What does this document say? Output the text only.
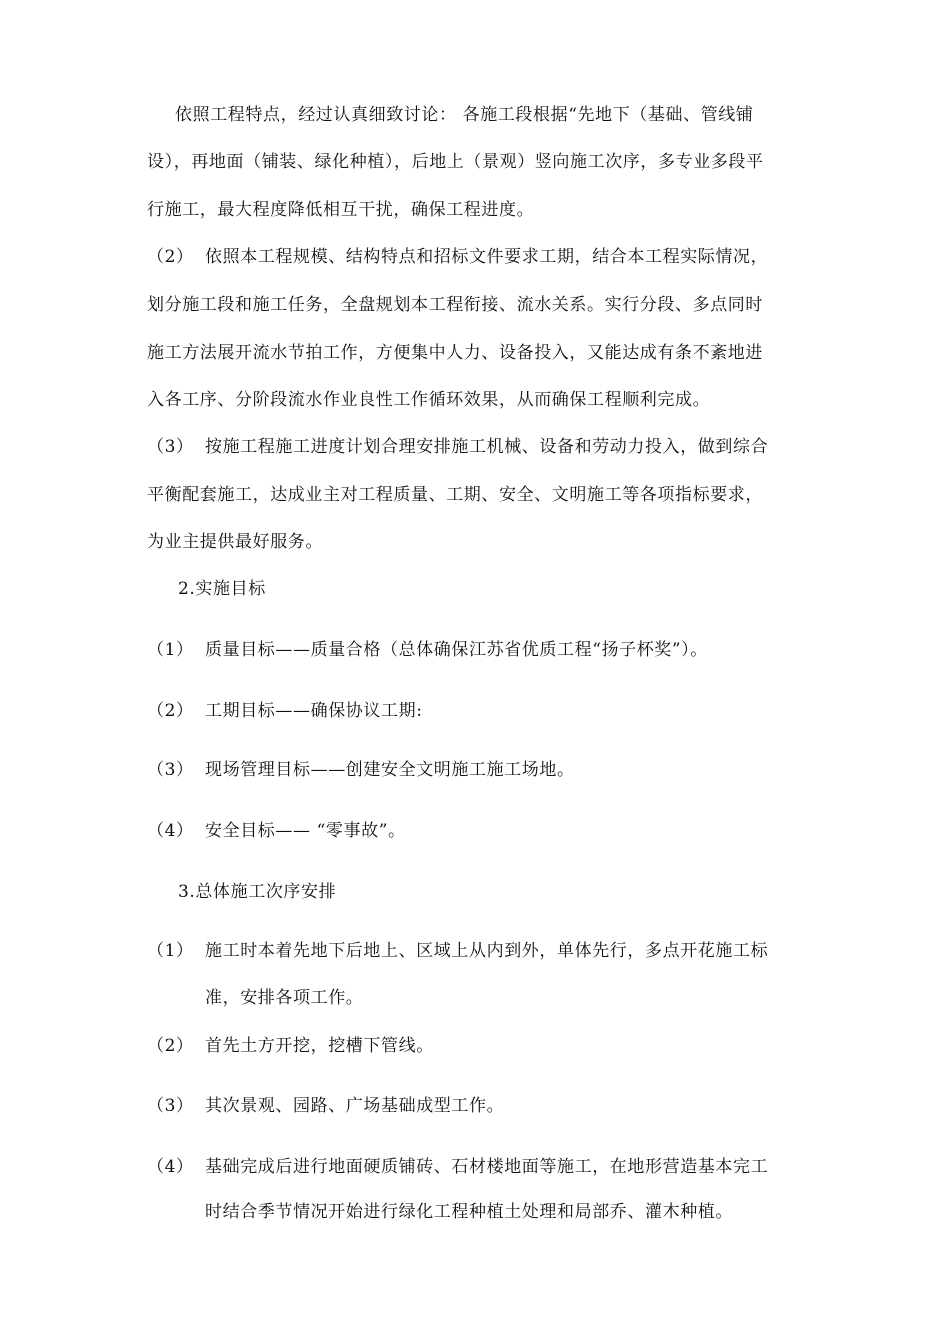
依照工程特点，经过认真细致讨论： 各施工段根据“先地下（基础、管线铺
设），再地面（铺装、绿化种植），后地上（景观）竖向施工次序，多专业多段平
行施工，最大程度降低相互干扰，确保工程进度。
（2） 依照本工程规模、结构特点和招标文件要求工期，结合本工程实际情况，
划分施工段和施工任务，全盘规划本工程衔接、流水关系。实行分段、多点同时
施工方法展开流水节拍工作，方便集中人力、设备投入，又能达成有条不紊地进
入各工序、分阶段流水作业良性工作循环效果，从而确保工程顺利完成。
（3） 按施工程施工进度计划合理安排施工机械、设备和劳动力投入，做到综合
平衡配套施工，达成业主对工程质量、工期、安全、文明施工等各项指标要求，
为业主提供最好服务。
2.实施目标
（1） 质量目标——质量合格（总体确保江苏省优质工程“扬子杯奖”）。
（2） 工期目标——确保协议工期:
（3） 现场管理目标——创建安全文明施工施工场地。
（4） 安全目标—— “零事故”。
3.总体施工次序安排
（1） 施工时本着先地下后地上、区域上从内到外，单体先行，多点开花施工标
准，安排各项工作。
（2） 首先土方开挖，挖槽下管线。
（3） 其次景观、园路、广场基础成型工作。
（4） 基础完成后进行地面硬质铺砖、石材楼地面等施工，在地形营造基本完工
时结合季节情况开始进行绿化工程种植土处理和局部乔、灌木种植。
